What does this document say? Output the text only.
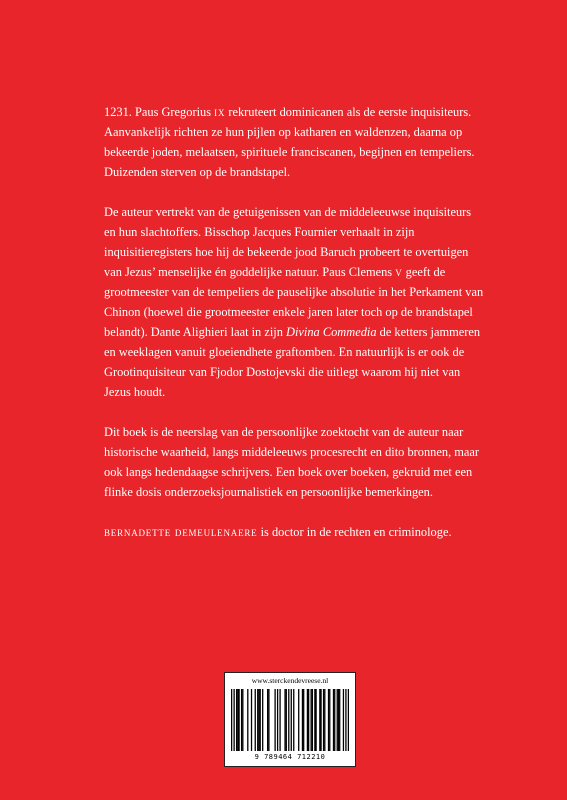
1231. Paus Gregorius ix rekruteert dominicanen als de eerste inquisiteurs. Aanvankelijk richten ze hun pijlen op katharen en waldenzen, daarna op bekeerde joden, melaatsen, spirituele franciscanen, begijnen en tempeliers. Duizenden sterven op de brandstapel.

De auteur vertrekt van de getuigenissen van de middeleeuwse inquisiteurs en hun slachtoffers. Bisschop Jacques Fournier verhaalt in zijn inquisitieregisters hoe hij de bekeerde jood Baruch probeert te overtuigen van Jezus’ menselijke én goddelijke natuur. Paus Clemens v geeft de grootmeester van de tempeliers de pauselijke absolutie in het Perkament van Chinon (hoewel die grootmeester enkele jaren later toch op de brandstapel belandt). Dante Alighieri laat in zijn Divina Commedia de ketters jammeren en weeklagen vanuit gloeiendhete graftomben. En natuurlijk is er ook de Grootinquisiteur van Fjodor Dostojevski die uitlegt waarom hij niet van Jezus houdt.

Dit boek is de neerslag van de persoonlijke zoektocht van de auteur naar historische waarheid, langs middeleeuws procesrecht en dito bronnen, maar ook langs hedendaagse schrijvers. Een boek over boeken, gekruid met een flinke dosis onderzoeksjournalistiek en persoonlijke bemerkingen.

bernadette demeulenaere is doctor in de rechten en criminologe.

www.sterckendevreese.nl
9 789464 712210
